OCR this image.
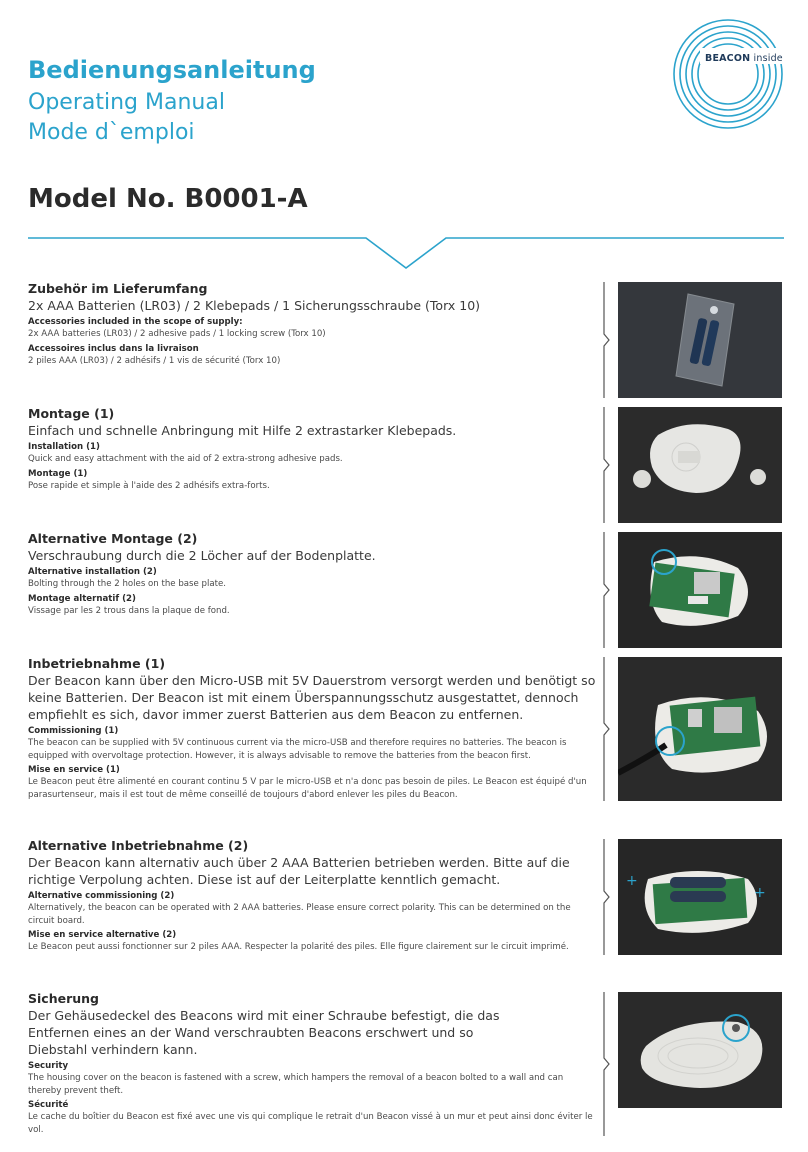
BEACON inside
Bedienungsanleitung
Operating Manual
Mode d`emploi
Model No. B0001-A

Zubehör im Lieferumfang

2x AAA Batterien (LR03) / 2 Klebepads / 1 Sicherungsschraube (Torx 10)

Accessories included in the scope of supply:

2x AAA batteries (LR03) / 2 adhesive pads / 1 locking screw (Torx 10)

Accessoires inclus dans la livraison

2 piles AAA (LR03) / 2 adhésifs / 1 vis de sécurité (Torx 10)

Montage (1)

Einfach und schnelle Anbringung mit Hilfe 2 extrastarker Klebepads.

Installation (1)

Quick and easy attachment with the aid of 2 extra-strong adhesive pads.

Montage (1)

Pose rapide et simple à l'aide des 2 adhésifs extra-forts.

Alternative Montage (2)

Verschraubung durch die 2 Löcher auf der Bodenplatte.

Alternative installation (2)

Bolting through the 2 holes on the base plate.

Montage alternatif (2)

Vissage par les 2 trous dans la plaque de fond.

Inbetriebnahme (1)

Der Beacon kann über den Micro-USB mit 5V Dauerstrom versorgt werden und benötigt so keine Batterien. Der Beacon ist mit einem Überspannungsschutz ausgestattet, dennoch empfiehlt es sich, davor immer zuerst Batterien aus dem Beacon zu entfernen.

Commissioning (1)

The beacon can be supplied with 5V continuous current via the micro-USB and therefore requires no batteries. The beacon is equipped with overvoltage protection. However, it is always advisable to remove the batteries from the beacon first.

Mise en service (1)

Le Beacon peut être alimenté en courant continu 5 V par le micro-USB et n'a donc pas besoin de piles. Le Beacon est équipé d'un parasurtenseur, mais il est tout de même conseillé de toujours d'abord enlever les piles du Beacon.

Alternative Inbetriebnahme (2)

Der Beacon kann alternativ auch über 2 AAA Batterien betrieben werden. Bitte auf die richtige Verpolung achten. Diese ist auf der Leiterplatte kenntlich gemacht.

Alternative commissioning (2)

Alternatively, the beacon can be operated with 2 AAA batteries. Please ensure correct polarity. This can be determined on the circuit board.

Mise en service alternative (2)

Le Beacon peut aussi fonctionner sur 2 piles AAA. Respecter la polarité des piles. Elle figure clairement sur le circuit imprimé.

+
+

Sicherung

Der Gehäusedeckel des Beacons wird mit einer Schraube befestigt, die das Entfernen eines an der Wand verschraubten Beacons erschwert und so Diebstahl verhindern kann.

Security

The housing cover on the beacon is fastened with a screw, which hampers the removal of a beacon bolted to a wall and can thereby prevent theft.

Sécurité

Le cache du boîtier du Beacon est fixé avec une vis qui complique le retrait d'un Beacon vissé à un mur et peut ainsi donc éviter le vol.
